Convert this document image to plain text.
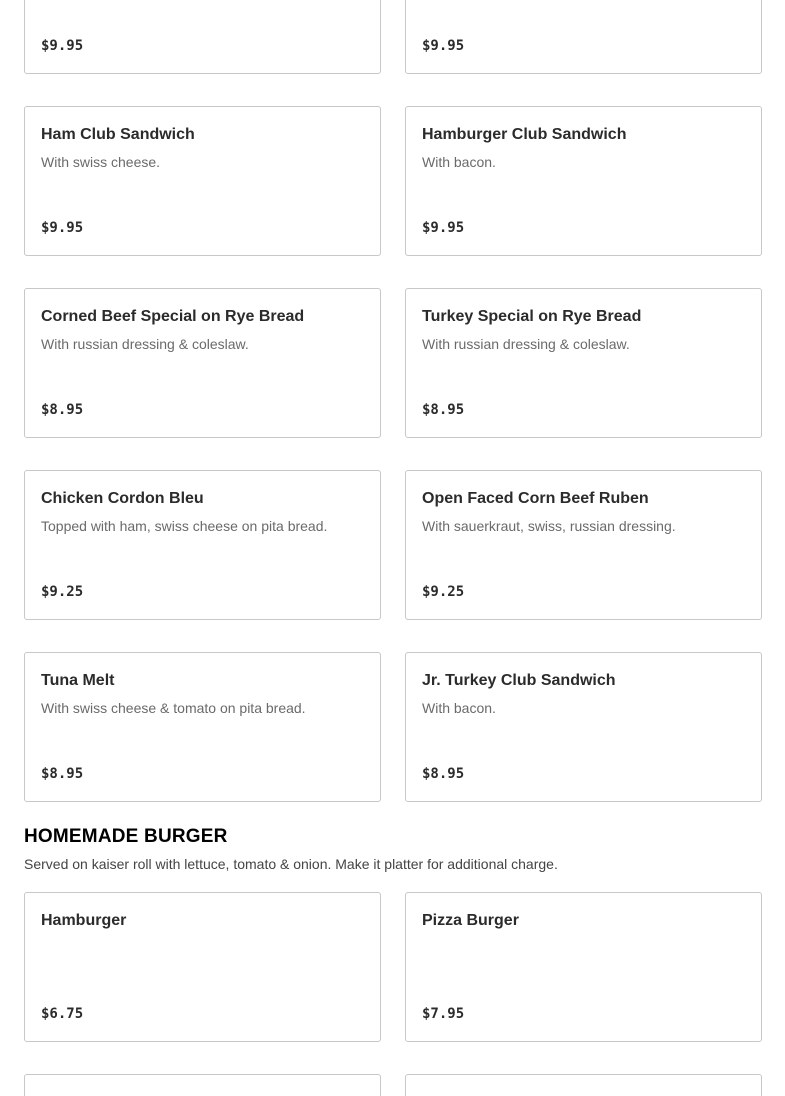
$9.95	$9.95
Ham Club Sandwich
With swiss cheese.
$9.95
Hamburger Club Sandwich
With bacon.
$9.95
Corned Beef Special on Rye Bread
With russian dressing & coleslaw.
$8.95
Turkey Special on Rye Bread
With russian dressing & coleslaw.
$8.95
Chicken Cordon Bleu
Topped with ham, swiss cheese on pita bread.
$9.25
Open Faced Corn Beef Ruben
With sauerkraut, swiss, russian dressing.
$9.25
Tuna Melt
With swiss cheese & tomato on pita bread.
$8.95
Jr. Turkey Club Sandwich
With bacon.
$8.95
HOMEMADE BURGER
Served on kaiser roll with lettuce, tomato & onion. Make it platter for additional charge.
Hamburger
$6.75
Pizza Burger
$7.95
